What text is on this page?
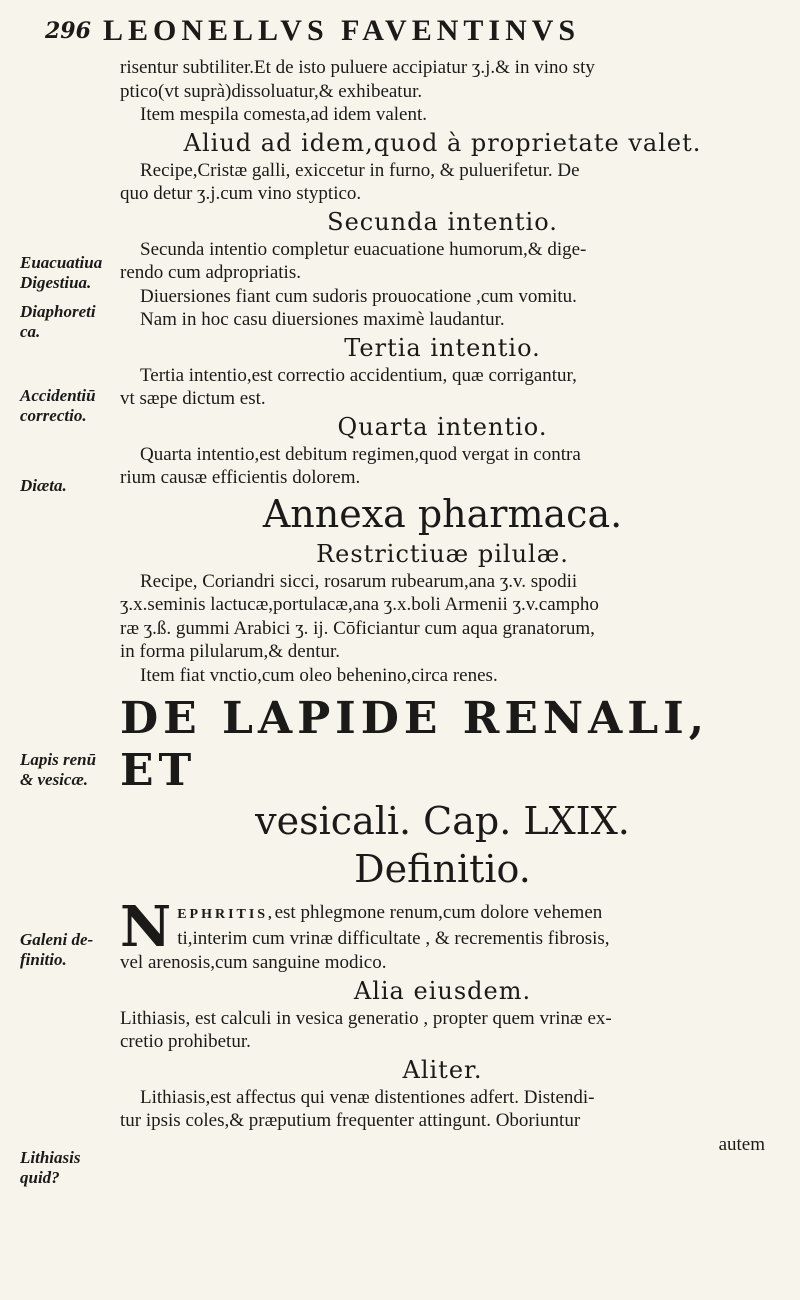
296 LEONELLVS FAVENTINVS
Euacuatiua
Digestiua.
Diaphoreti
ca.
Accidentiū
correctio.
Diæta.
Lapis renū
& vesicæ.
Galeni de-
finitio.
Lithiasis
quid?
risentur subtiliter.Et de isto puluere accipiatur ʒ.j.& in vino sty
ptico(vt suprà)dissoluatur,& exhibeatur.
Item mespila comesta,ad idem valent.
Aliud ad idem,quod à proprietate valet.
Recipe,Cristæ galli, exiccetur in furno, & puluerifetur. De
quo detur ʒ.j.cum vino styptico.
Secunda intentio.
Secunda intentio completur euacuatione humorum,& dige-
rendo cum adpropriatis.
Diuersiones fiant cum sudoris prouocatione ,cum vomitu.
Nam in hoc casu diuersiones maximè laudantur.
Tertia intentio.
Tertia intentio,est correctio accidentium, quæ corrigantur,
vt sæpe dictum est.
Quarta intentio.
Quarta intentio,est debitum regimen,quod vergat in contra
rium causæ efficientis dolorem.
Annexa pharmaca.
Restrictiuæ pilulæ.
Recipe, Coriandri sicci, rosarum rubearum,ana ʒ.v. spodii
ʒ.x.seminis lactucæ,portulacæ,ana ʒ.x.boli Armenii ʒ.v.campho
ræ ʒ.ß. gummi Arabici ʒ. ij. Cōficiantur cum aqua granatorum,
in forma pilularum,& dentur.
Item fiat vnctio,cum oleo behenino,circa renes.
DE LAPIDE RENALI, ET
vesicali. Cap. LXIX.
Definitio.
N EPHRITIS,est phlegmone renum,cum dolore vehemen
ti,interim cum vrinæ difficultate , & recrementis fibrosis,
vel arenosis,cum sanguine modico.
Alia eiusdem.
Lithiasis, est calculi in vesica generatio , propter quem vrinæ ex-
cretio prohibetur.
Aliter.
Lithiasis,est affectus qui venæ distentiones adfert. Distendi-
tur ipsis coles,& præputium frequenter attingunt. Oboriuntur
autem
